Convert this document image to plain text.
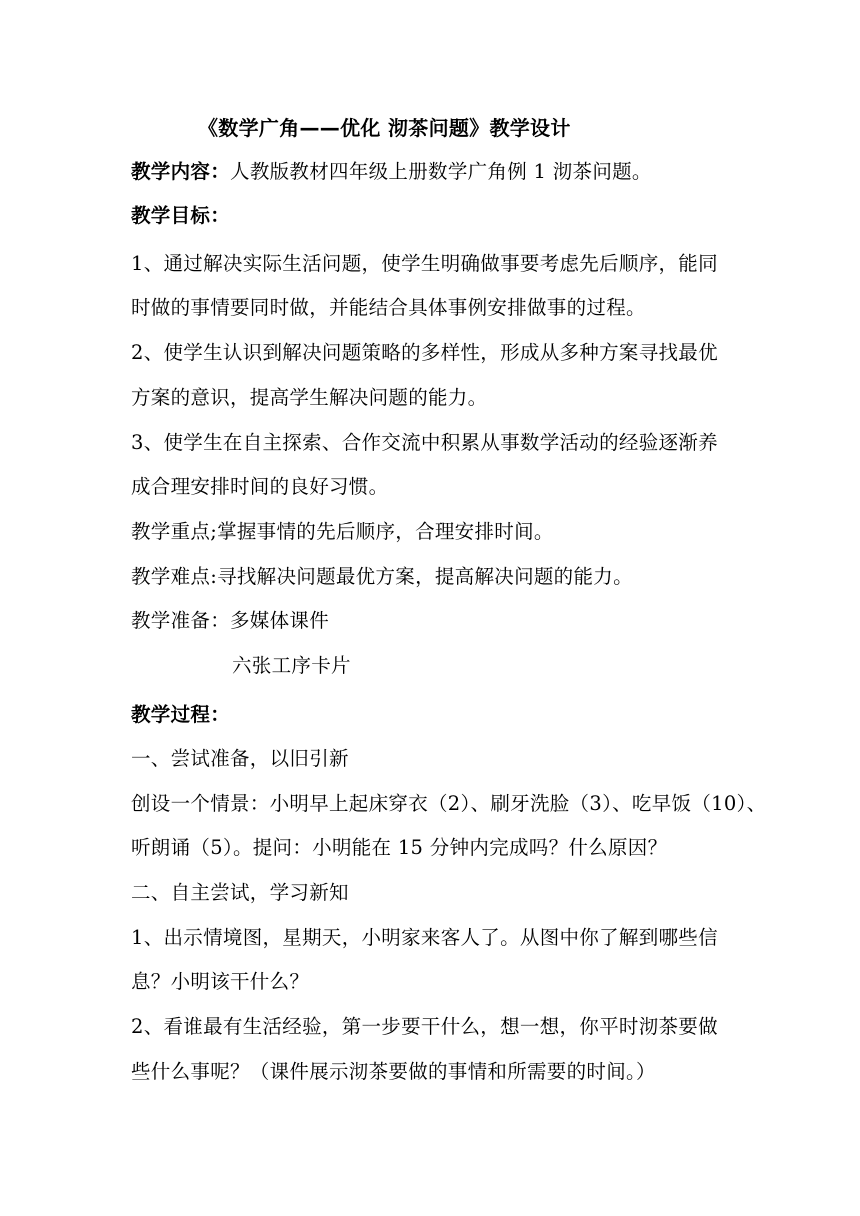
《数学广角——优化 沏茶问题》教学设计
教学内容：人教版教材四年级上册数学广角例 1 沏茶问题。
教学目标：
1、通过解决实际生活问题，使学生明确做事要考虑先后顺序，能同
时做的事情要同时做，并能结合具体事例安排做事的过程。
2、使学生认识到解决问题策略的多样性，形成从多种方案寻找最优
方案的意识，提高学生解决问题的能力。
3、使学生在自主探索、合作交流中积累从事数学活动的经验逐渐养
成合理安排时间的良好习惯。
教学重点;掌握事情的先后顺序，合理安排时间。
教学难点:寻找解决问题最优方案，提高解决问题的能力。
教学准备：多媒体课件
六张工序卡片
教学过程：
一、尝试准备，以旧引新
创设一个情景：小明早上起床穿衣（2）、刷牙洗脸（3）、吃早饭（10）、
听朗诵（5）。提问：小明能在 15 分钟内完成吗？什么原因？
二、自主尝试，学习新知
1、出示情境图，星期天，小明家来客人了。从图中你了解到哪些信
息？小明该干什么？
2、看谁最有生活经验，第一步要干什么，想一想，你平时沏茶要做
些什么事呢？（课件展示沏茶要做的事情和所需要的时间。）
